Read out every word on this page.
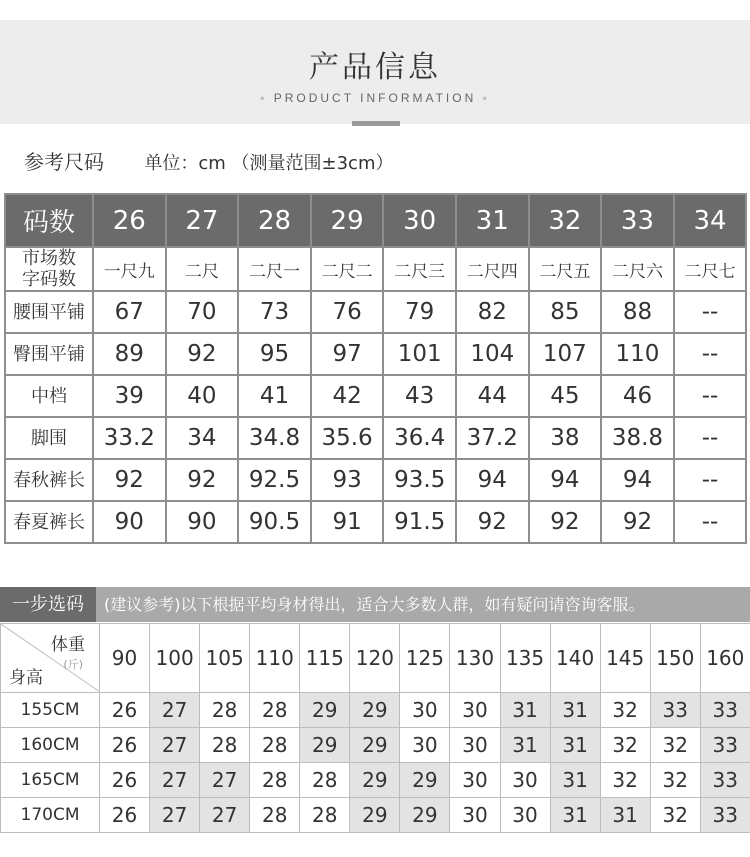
产品信息
◦ PRODUCT INFORMATION ◦
参考尺码 单位：cm （测量范围±3cm）
码数	26	27	28	29	30	31	32	33	34
市场数
字码数	一尺九	二尺	二尺一	二尺二	二尺三	二尺四	二尺五	二尺六	二尺七
腰围平铺	67	70	73	76	79	82	85	88	--
臀围平铺	89	92	95	97	101	104	107	110	--
中档	39	40	41	42	43	44	45	46	--
脚围	33.2	34	34.8	35.6	36.4	37.2	38	38.8	--
春秋裤长	92	92	92.5	93	93.5	94	94	94	--
春夏裤长	90	90	90.5	91	91.5	92	92	92	--
一步选码	(建议参考)以下根据平均身材得出，适合大多数人群，如有疑问请咨询客服。
体重
(斤)
身高	90	100	105	110	115	120	125	130	135	140	145	150	160
155CM	26	27	28	28	29	29	30	30	31	31	32	33	33
160CM	26	27	28	28	29	29	30	30	31	31	32	32	33
165CM	26	27	27	28	28	29	29	30	30	31	32	32	33
170CM	26	27	27	28	28	29	29	30	30	31	31	32	33
